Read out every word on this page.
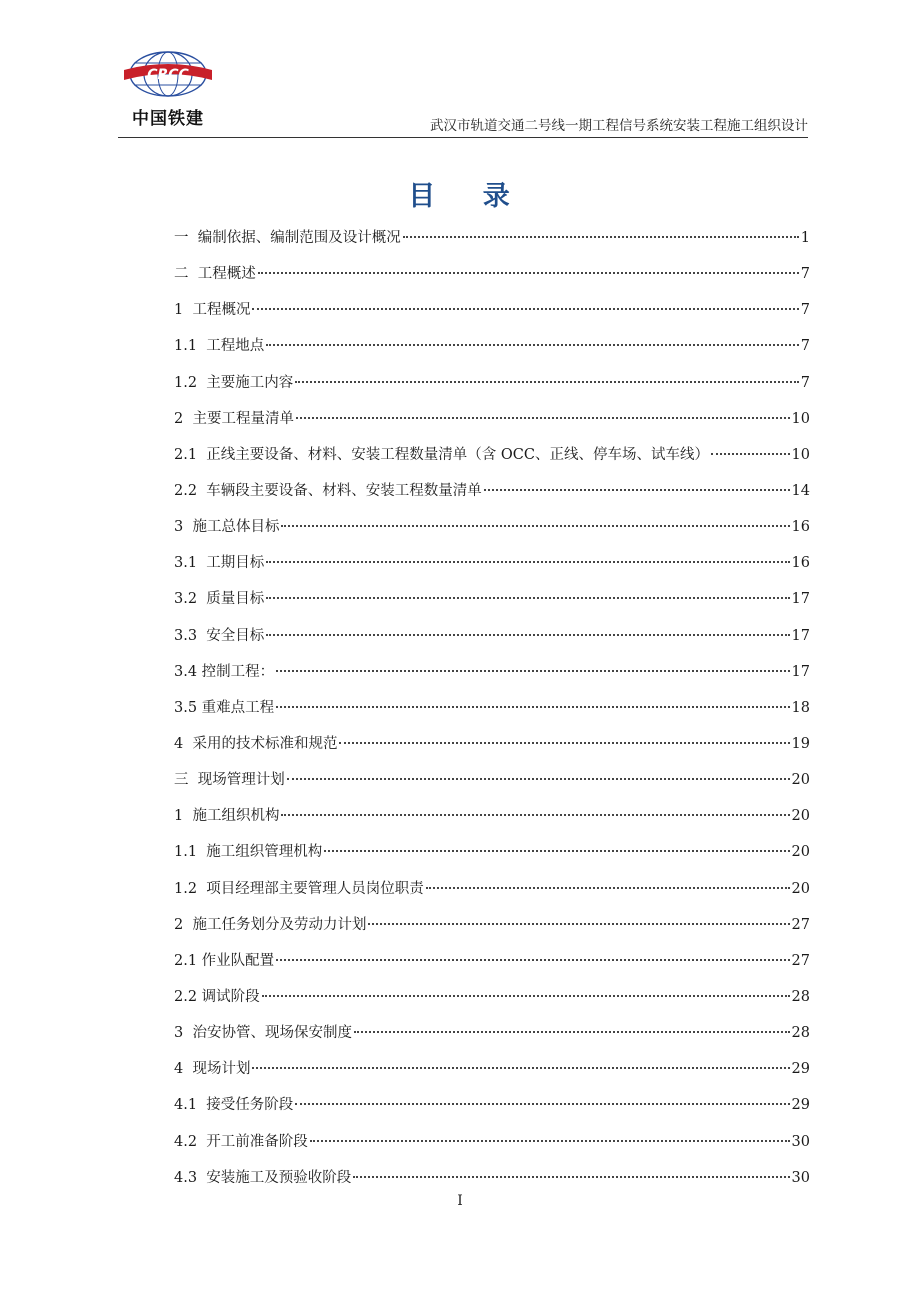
CRCC
中国铁建	武汉市轨道交通二号线一期工程信号系统安装工程施工组织设计
目    录
一  编制依据、编制范围及设计概况	1
二  工程概述	7
1  工程概况	7
1.1  工程地点	7
1.2  主要施工内容	7
2  主要工程量清单	10
2.1  正线主要设备、材料、安装工程数量清单（含 OCC、正线、停车场、试车线）	10
2.2  车辆段主要设备、材料、安装工程数量清单	14
3  施工总体目标	16
3.1  工期目标	16
3.2  质量目标	17
3.3  安全目标	17
3.4 控制工程：	17
3.5 重难点工程	18
4  采用的技术标准和规范	19
三  现场管理计划	20
1  施工组织机构	20
1.1  施工组织管理机构	20
1.2  项目经理部主要管理人员岗位职责	20
2  施工任务划分及劳动力计划	27
2.1 作业队配置	27
2.2 调试阶段	28
3  治安协管、现场保安制度	28
4  现场计划	29
4.1  接受任务阶段	29
4.2  开工前准备阶段	30
4.3  安装施工及预验收阶段	30
I
